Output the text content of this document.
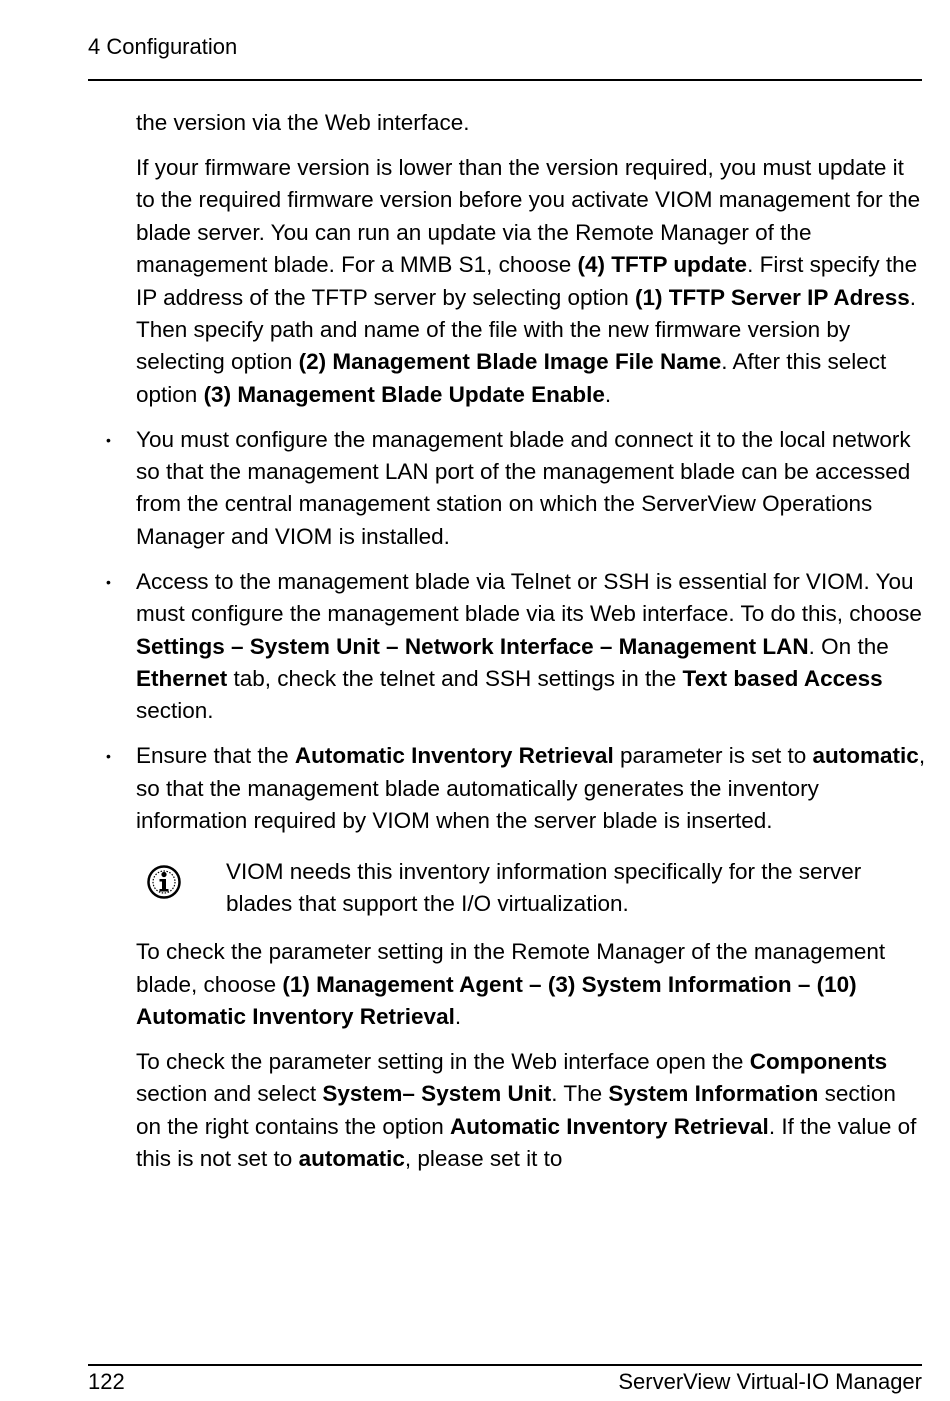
4 Configuration

the version via the Web interface.

If your firmware version is lower than the version required, you must update it to the required firmware version before you activate VIOM management for the blade server. You can run an update via the Remote Manager of the management blade. For a MMB S1, choose (4) TFTP update. First specify the IP address of the TFTP server by selecting option (1) TFTP Server IP Adress. Then specify path and name of the file with the new firmware version by selecting option (2) Management Blade Image File Name. After this select option (3) Management Blade Update Enable.

• You must configure the management blade and connect it to the local network so that the management LAN port of the management blade can be accessed from the central management station on which the ServerView Operations Manager and VIOM is installed.

• Access to the management blade via Telnet or SSH is essential for VIOM. You must configure the management blade via its Web interface. To do this, choose Settings – System Unit – Network Interface – Management LAN. On the Ethernet tab, check the telnet and SSH settings in the Text based Access section.

• Ensure that the Automatic Inventory Retrieval parameter is set to automatic, so that the management blade automatically generates the inventory information required by VIOM when the server blade is inserted.

VIOM needs this inventory information specifically for the server blades that support the I/O virtualization.

To check the parameter setting in the Remote Manager of the management blade, choose (1) Management Agent – (3) System Information – (10) Automatic Inventory Retrieval.

To check the parameter setting in the Web interface open the Components section and select System– System Unit. The System Information section on the right contains the option Automatic Inventory Retrieval. If the value of this is not set to automatic, please set it to

122	ServerView Virtual-IO Manager
